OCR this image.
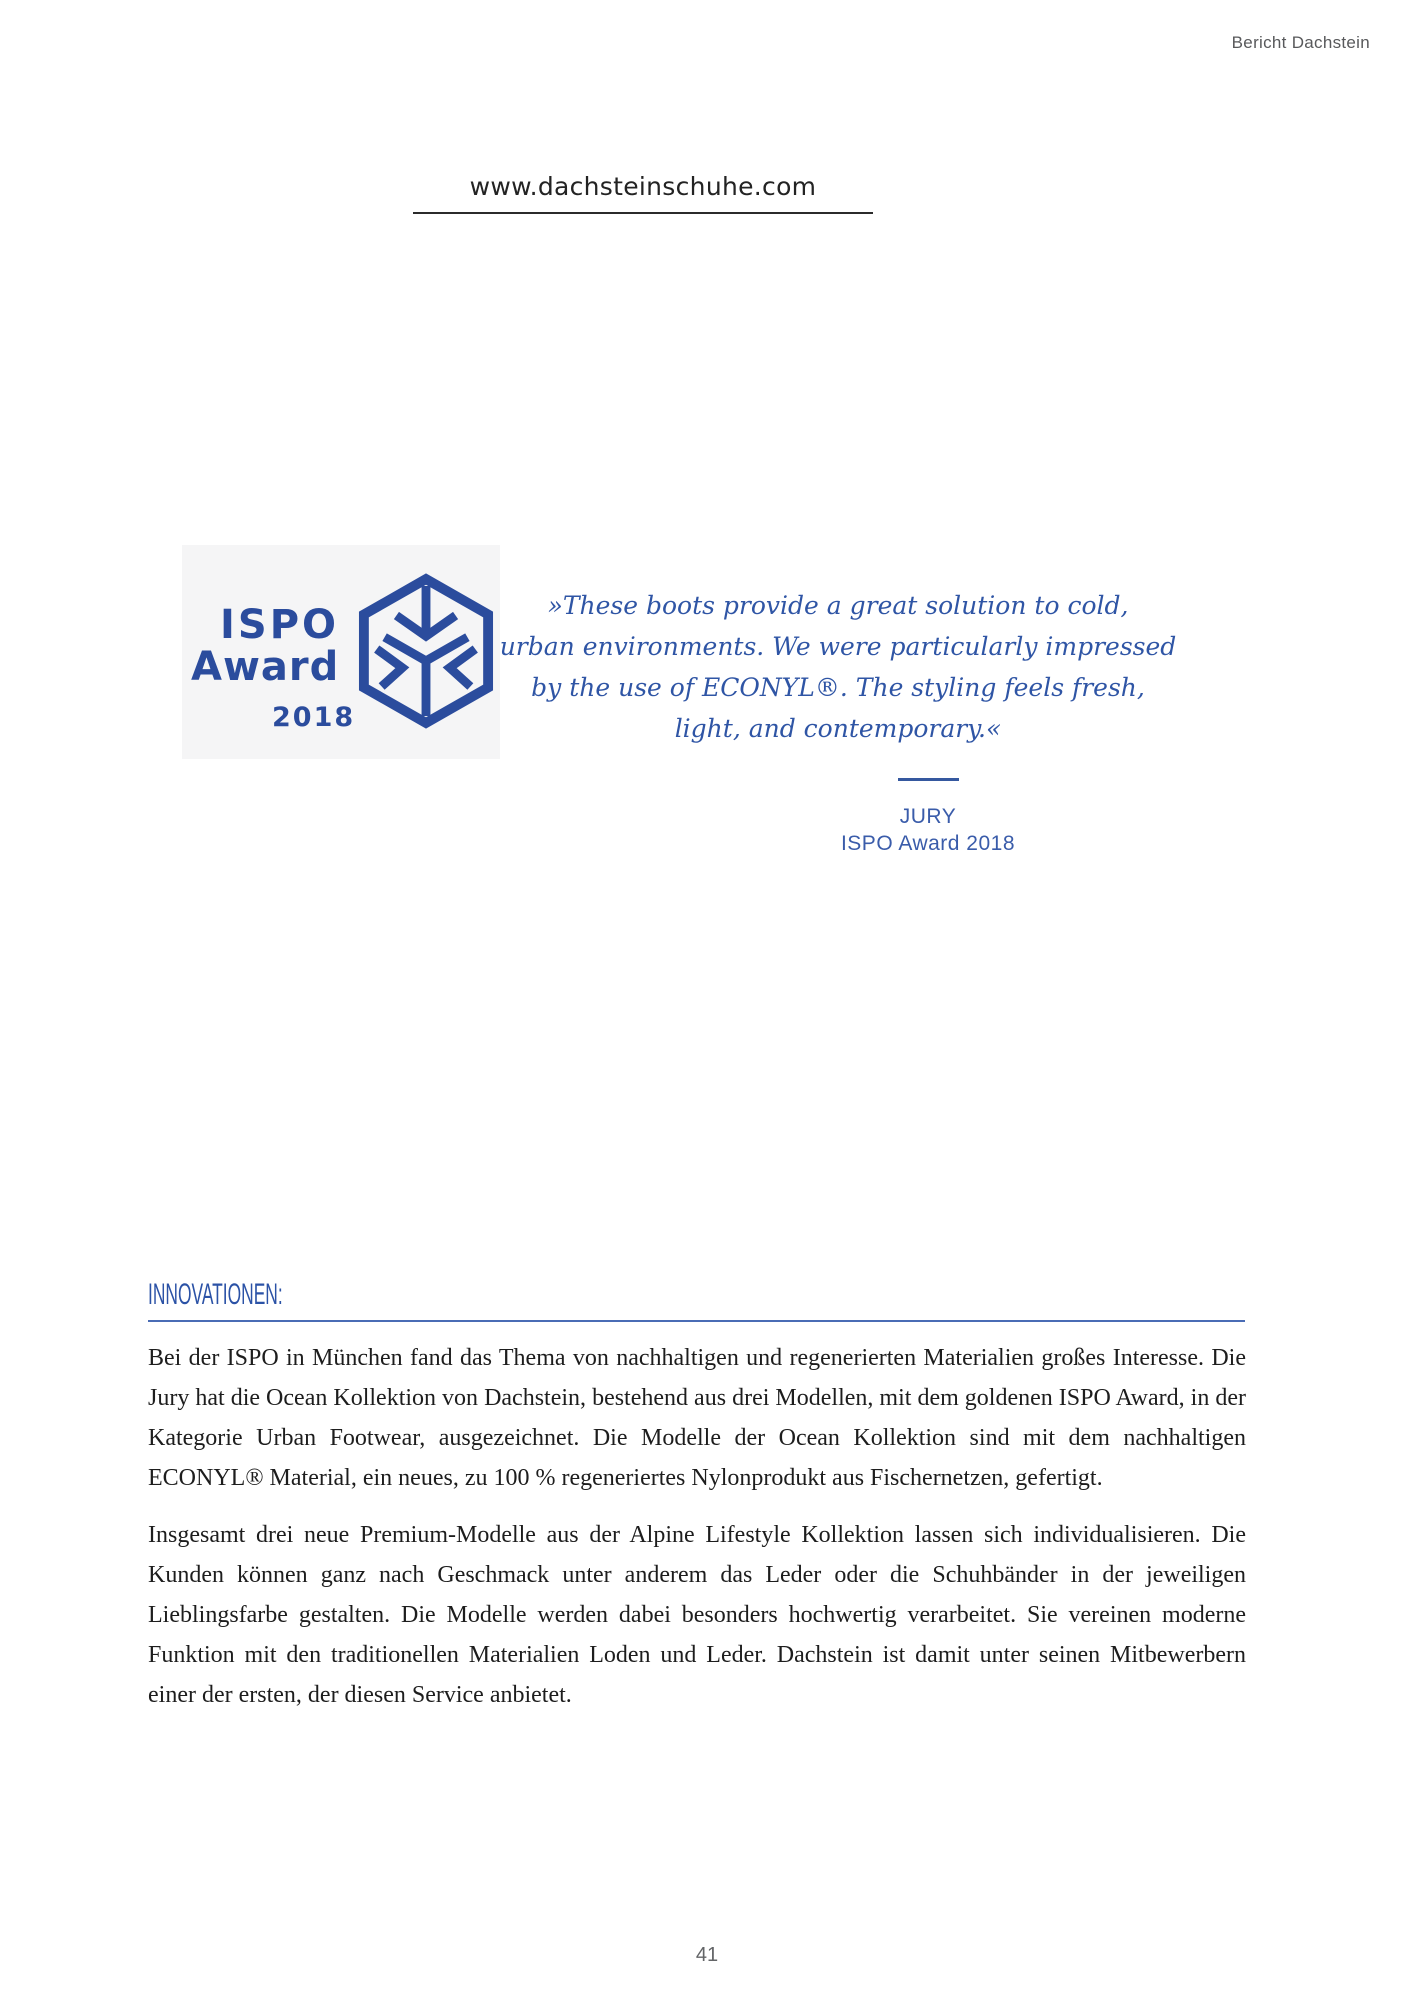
Bericht Dachstein
www.dachsteinschuhe.com
ISPO
Award
2018
»These boots provide a great solution to cold,
urban environments. We were particularly impressed
by the use of ECONYL®. The styling feels fresh,
light, and contemporary.«
JURY
ISPO Award 2018
INNOVATIONEN:

Bei der ISPO in München fand das Thema von nachhaltigen und regenerierten Materialien großes Interesse. Die Jury hat die Ocean Kollektion von Dachstein, bestehend aus drei Modellen, mit dem goldenen ISPO Award, in der Kategorie Urban Footwear, ausgezeichnet. Die Modelle der Ocean Kollektion sind mit dem nachhaltigen ECONYL® Material, ein neues, zu 100 % regeneriertes Nylonprodukt aus Fischernetzen, gefertigt.

Insgesamt drei neue Premium-Modelle aus der Alpine Lifestyle Kollektion lassen sich individualisieren. Die Kunden können ganz nach Geschmack unter anderem das Leder oder die Schuhbänder in der jeweiligen Lieblingsfarbe gestalten. Die Modelle werden dabei besonders hochwertig verarbeitet. Sie vereinen moderne Funktion mit den traditionellen Materialien Loden und Leder. Dachstein ist damit unter seinen Mitbewerbern einer der ersten, der diesen Service anbietet.

41
